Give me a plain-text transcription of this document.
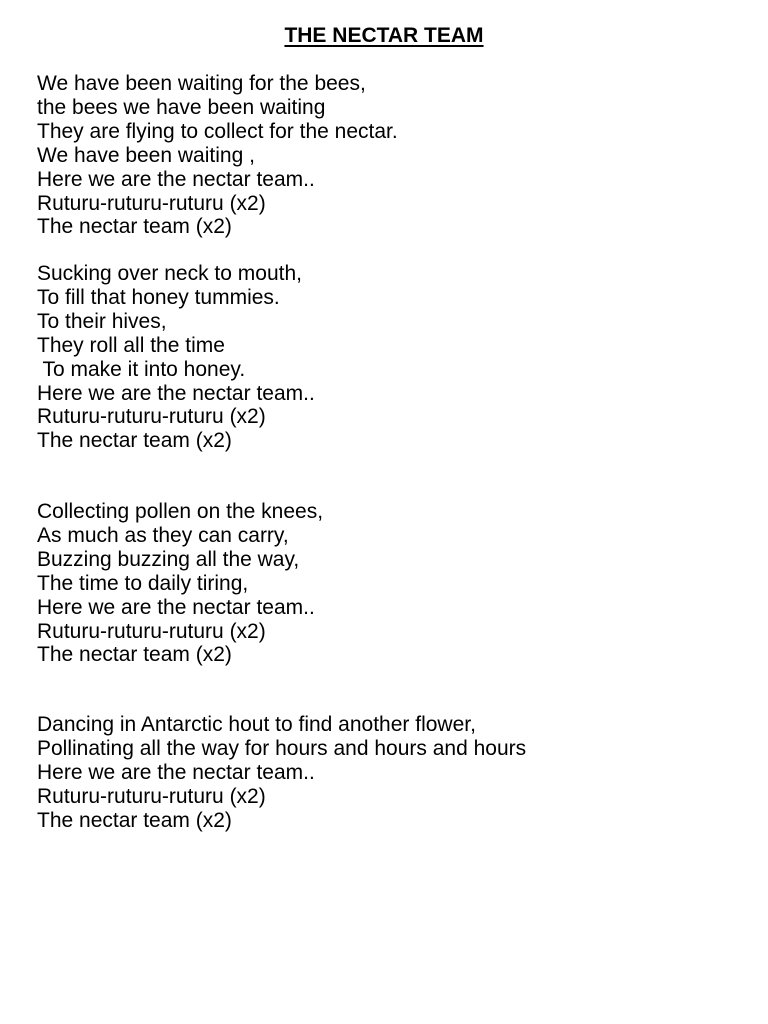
THE NECTAR TEAM
We have been waiting for the bees,
the bees we have been waiting
They are flying to collect for the nectar.
We have been waiting ,
Here we are the nectar team..
Ruturu-ruturu-ruturu (x2)
The nectar team (x2)
Sucking over neck to mouth,
To fill that honey tummies.
To their hives,
They roll all the time
To make it into honey.
Here we are the nectar team..
Ruturu-ruturu-ruturu (x2)
The nectar team (x2)
Collecting pollen on the knees,
As much as they can carry,
Buzzing buzzing all the way,
The time to daily tiring,
Here we are the nectar team..
Ruturu-ruturu-ruturu (x2)
The nectar team (x2)
Dancing in Antarctic hout to find another flower,
Pollinating all the way for hours and hours and hours
Here we are the nectar team..
Ruturu-ruturu-ruturu (x2)
The nectar team (x2)
